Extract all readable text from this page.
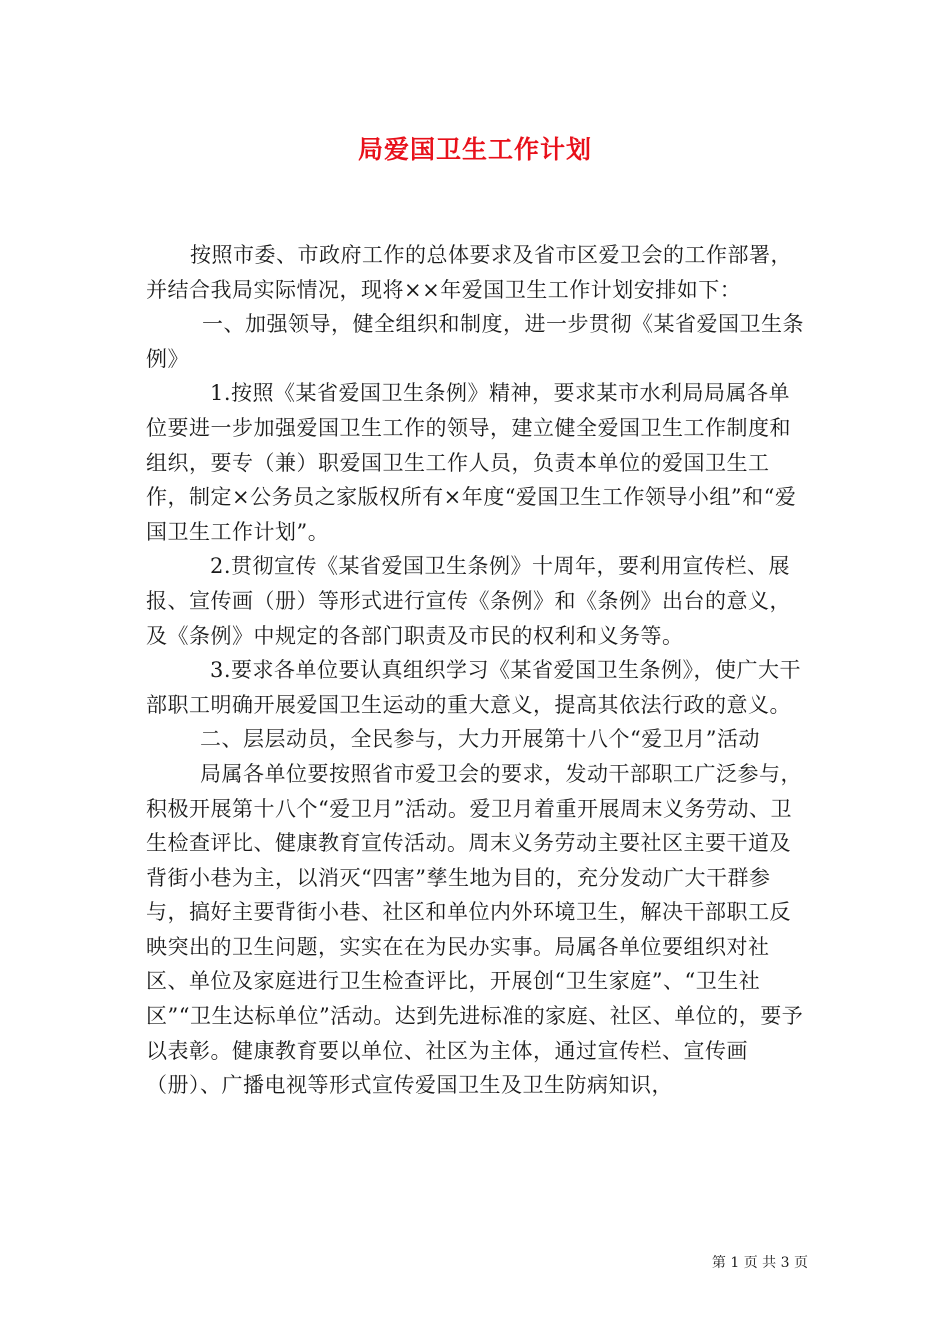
局爱国卫生工作计划

按照市委、市政府工作的总体要求及省市区爱卫会的工作部署，并结合我局实际情况，现将××年爱国卫生工作计划安排如下：

一、加强领导，健全组织和制度，进一步贯彻《某省爱国卫生条例》

1.按照《某省爱国卫生条例》精神，要求某市水利局局属各单位要进一步加强爱国卫生工作的领导，建立健全爱国卫生工作制度和组织，要专（兼）职爱国卫生工作人员，负责本单位的爱国卫生工作，制定×公务员之家版权所有×年度“爱国卫生工作领导小组”和“爱国卫生工作计划”。

2.贯彻宣传《某省爱国卫生条例》十周年，要利用宣传栏、展报、宣传画（册）等形式进行宣传《条例》和《条例》出台的意义，及《条例》中规定的各部门职责及市民的权利和义务等。

3.要求各单位要认真组织学习《某省爱国卫生条例》，使广大干部职工明确开展爱国卫生运动的重大意义，提高其依法行政的意义。

二、层层动员，全民参与，大力开展第十八个“爱卫月”活动

局属各单位要按照省市爱卫会的要求，发动干部职工广泛参与，积极开展第十八个“爱卫月”活动。爱卫月着重开展周末义务劳动、卫生检查评比、健康教育宣传活动。周末义务劳动主要社区主要干道及背街小巷为主，以消灭“四害”孳生地为目的，充分发动广大干群参与，搞好主要背街小巷、社区和单位内外环境卫生，解决干部职工反映突出的卫生问题，实实在在为民办实事。局属各单位要组织对社区、单位及家庭进行卫生检查评比，开展创“卫生家庭”、“卫生社区”“卫生达标单位”活动。达到先进标准的家庭、社区、单位的，要予以表彰。健康教育要以单位、社区为主体，通过宣传栏、宣传画（册）、广播电视等形式宣传爱国卫生及卫生防病知识，

第 1 页 共 3 页
